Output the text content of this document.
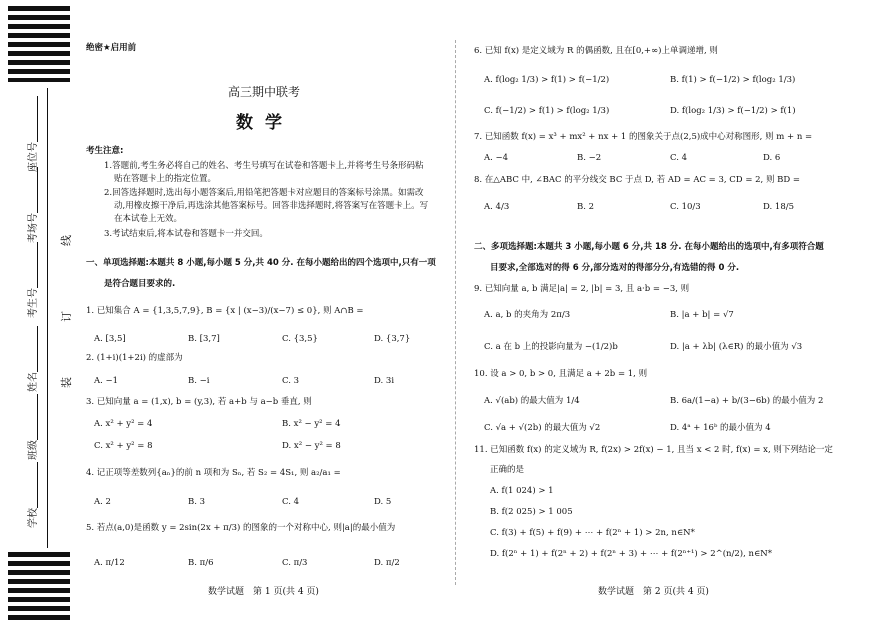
座位号
考场号
考生号
姓名
班级
学校
线
订
装
绝密★启用前
高三期中联考
数学
考生注意:
1.答题前,考生务必将自己的姓名、考生号填写在试卷和答题卡上,并将考生号条形码粘
贴在答题卡上的指定位置。
2.回答选择题时,选出每小题答案后,用铅笔把答题卡对应题目的答案标号涂黑。如需改
动,用橡皮擦干净后,再选涂其他答案标号。回答非选择题时,将答案写在答题卡上。写
在本试卷上无效。
3.考试结束后,将本试卷和答题卡一并交回。
一、单项选择题:本题共 8 小题,每小题 5 分,共 40 分. 在每小题给出的四个选项中,只有一项
是符合题目要求的.
1. 已知集合 A = {1,3,5,7,9}, B = {x | (x−3)/(x−7) ≤ 0}, 则 A∩B =
A. [3,5]	B. [3,7]	C. {3,5}	D. {3,7}
2. (1+i)(1+2i) 的虚部为
A. −1	B. −i	C. 3	D. 3i
3. 已知向量 a = (1,x), b = (y,3), 若 a+b 与 a−b 垂直, 则
A. x² + y² = 4	B. x² − y² = 4
C. x² + y² = 8	D. x² − y² = 8
4. 记正项等差数列{aₙ}的前 n 项和为 Sₙ, 若 S₂ = 4S₁, 则 a₂/a₁ =
A. 2	B. 3	C. 4	D. 5
5. 若点(a,0)是函数 y = 2sin(2x + π/3) 的图象的一个对称中心, 则|a|的最小值为
A. π/12	B. π/6	C. π/3	D. π/2
数学试题　第 1 页(共 4 页)
6. 已知 f(x) 是定义域为 R 的偶函数, 且在[0,+∞)上单调递增, 则
A. f(log₂ 1/3) > f(1) > f(−1/2)	B. f(1) > f(−1/2) > f(log₂ 1/3)
C. f(−1/2) > f(1) > f(log₂ 1/3)	D. f(log₂ 1/3) > f(−1/2) > f(1)
7. 已知函数 f(x) = x³ + mx² + nx + 1 的图象关于点(2,5)成中心对称图形, 则 m + n =
A. −4	B. −2	C. 4	D. 6
8. 在△ABC 中, ∠BAC 的平分线交 BC 于点 D, 若 AD = AC = 3, CD = 2, 则 BD =
A. 4/3	B. 2	C. 10/3	D. 18/5
二、多项选择题:本题共 3 小题,每小题 6 分,共 18 分. 在每小题给出的选项中,有多项符合题
目要求,全部选对的得 6 分,部分选对的得部分分,有选错的得 0 分.
9. 已知向量 a, b 满足|a| = 2, |b| = 3, 且 a·b = −3, 则
A. a, b 的夹角为 2π/3	B. |a + b| = √7
C. a 在 b 上的投影向量为 −(1/2)b	D. |a + λb| (λ∈R) 的最小值为 √3
10. 设 a > 0, b > 0, 且满足 a + 2b = 1, 则
A. √(ab) 的最大值为 1/4	B. 6a/(1−a) + b/(3−6b) 的最小值为 2
C. √a + √(2b) 的最大值为 √2	D. 4ᵃ + 16ᵇ 的最小值为 4
11. 已知函数 f(x) 的定义域为 R, f(2x) > 2f(x) − 1, 且当 x < 2 时, f(x) = x, 则下列结论一定
正确的是
A. f(1 024) > 1
B. f(2 025) > 1 005
C. f(3) + f(5) + f(9) + ⋯ + f(2ⁿ + 1) > 2n, n∈N*
D. f(2ⁿ + 1) + f(2ⁿ + 2) + f(2ⁿ + 3) + ⋯ + f(2ⁿ⁺¹) > 2^(n/2), n∈N*
数学试题　第 2 页(共 4 页)
